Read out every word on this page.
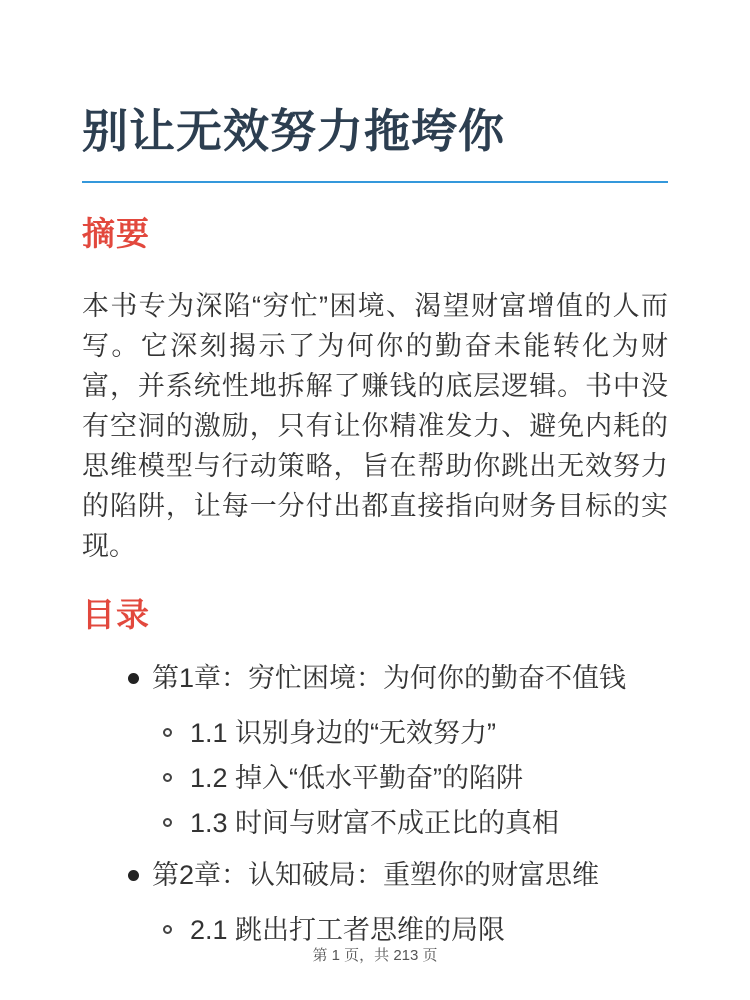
别让无效努力拖垮你
摘要

本书专为深陷“穷忙”困境、渴望财富增值的人而写。它深刻揭示了为何你的勤奋未能转化为财富，并系统性地拆解了赚钱的底层逻辑。书中没有空洞的激励，只有让你精准发力、避免内耗的思维模型与行动策略，旨在帮助你跳出无效努力的陷阱，让每一分付出都直接指向财务目标的实现。

目录
第1章：穷忙困境：为何你的勤奋不值钱
1.1 识别身边的“无效努力”
1.2 掉入“低水平勤奋”的陷阱
1.3 时间与财富不成正比的真相
第2章：认知破局：重塑你的财富思维
2.1 跳出打工者思维的局限
第 1 页，共 213 页
